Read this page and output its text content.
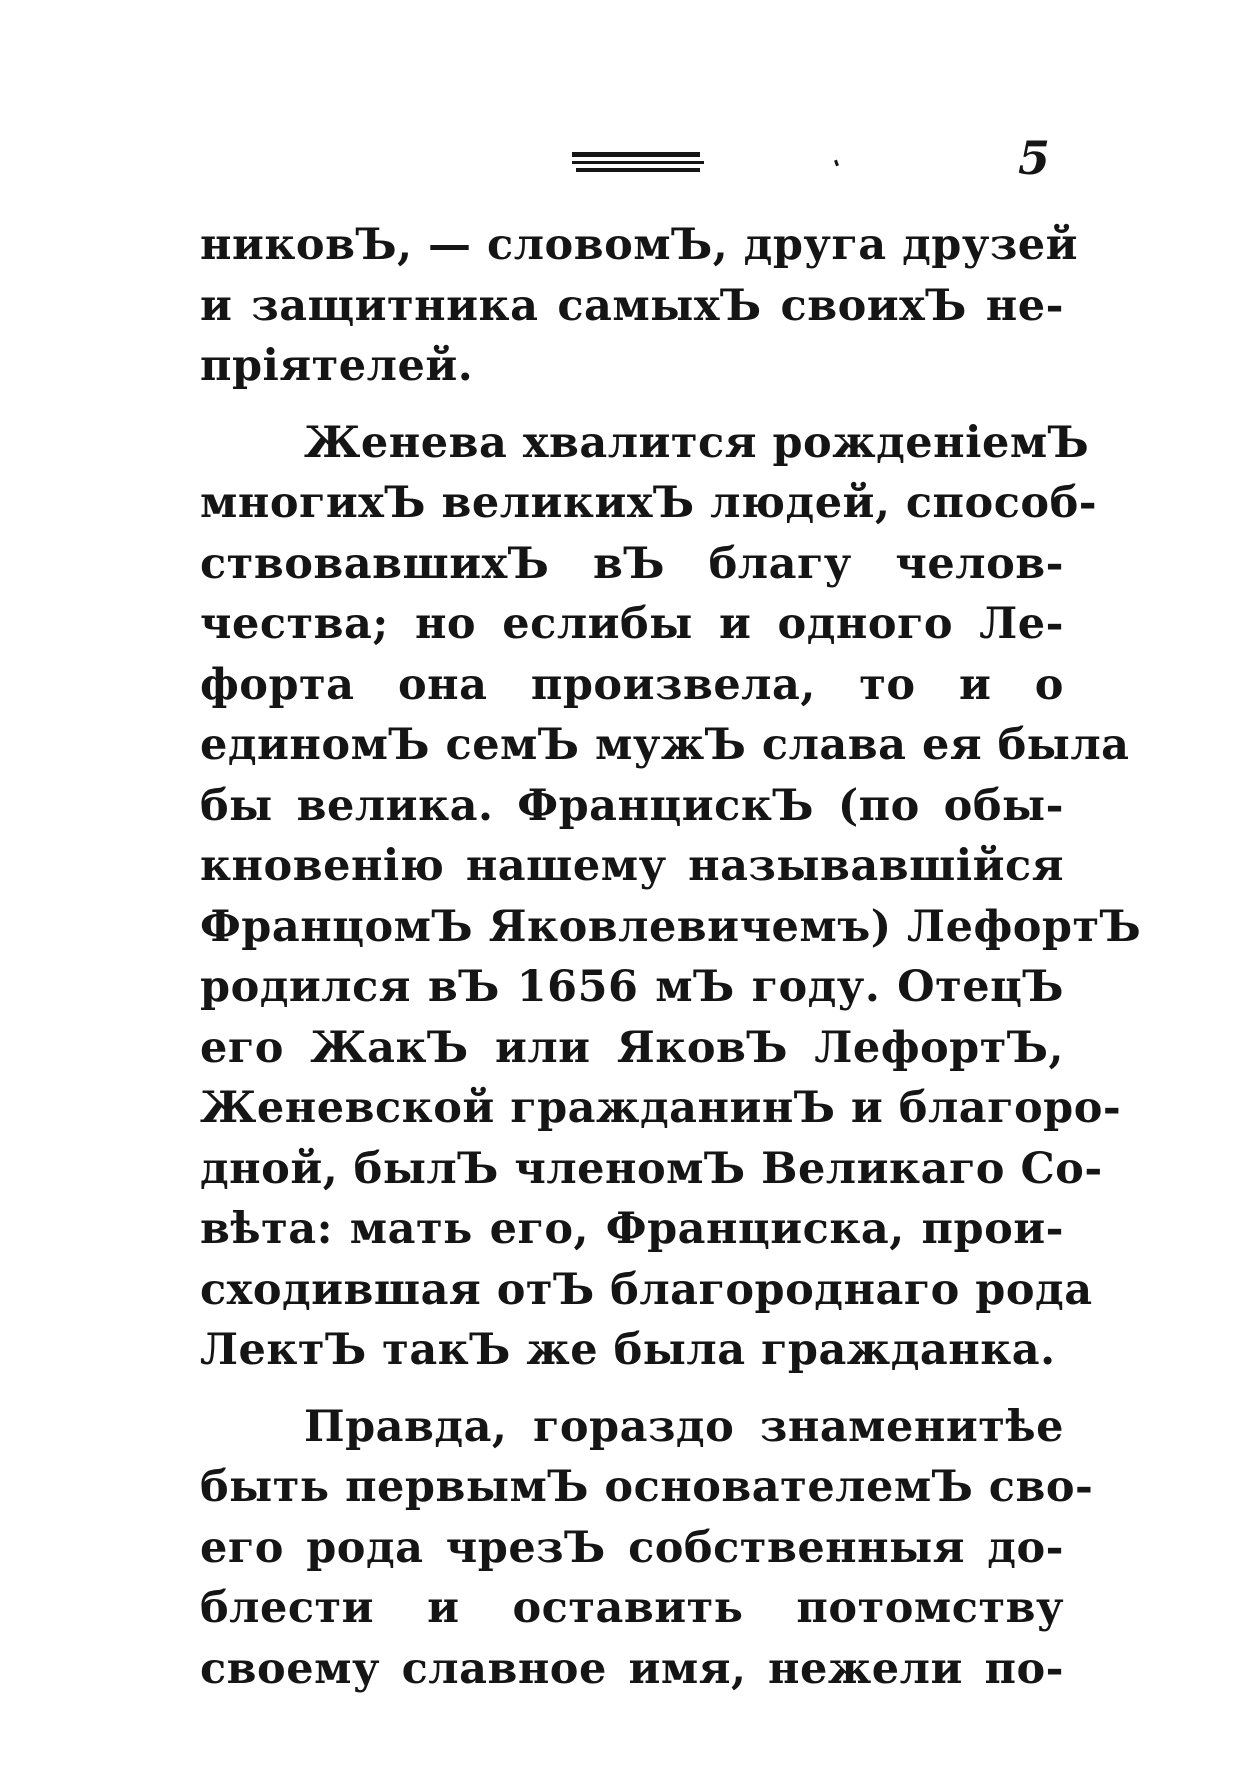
5
никовЪ, — словомЪ, друга друзей
и защитника самыхЪ своихЪ не-
пріятелей.
Женева хвалится рожденіемЪ
многихЪ великихЪ людей, способ-
ствовавшихЪ вЪ благу челов-
чества; но еслибы и одного Ле-
форта она произвела, то и о
единомЪ семЪ мужЪ слава ея была
бы велика. ФранцискЪ (по обы-
кновенію нашему называвшійся
ФранцомЪ Яковлевичемъ) ЛефортЪ
родился вЪ 1656 мЪ году. ОтецЪ
его ЖакЪ или ЯковЪ ЛефортЪ,
Женевской гражданинЪ и благоро-
дной, былЪ членомЪ Великаго Со-
вѣта: мать его, Франциска, прои-
сходившая отЪ благороднаго рода
ЛектЪ такЪ же была гражданка.
Правда, гораздо знаменитѣе
быть первымЪ основателемЪ сво-
его рода чрезЪ собственныя до-
блести и оставить потомству
своему славное имя, нежели по-
